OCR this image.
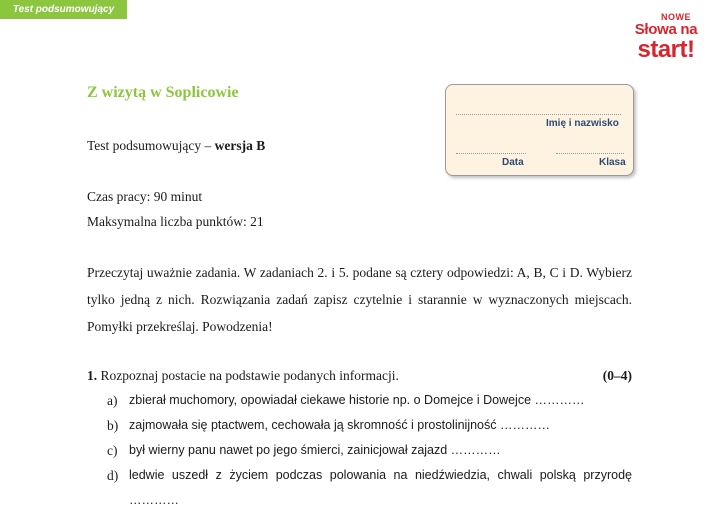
Test podsumowujący
NOWE
Słowa na
start!
Z wizytą w Soplicowie
Imię i nazwisko
Data	Klasa
Test podsumowujący – wersja B
Czas pracy: 90 minut
Maksymalna liczba punktów: 21
Przeczytaj uważnie zadania. W zadaniach 2. i 5. podane są cztery odpowiedzi: A, B, C i D. Wybierz tylko jedną z nich. Rozwiązania zadań zapisz czytelnie i starannie w wyznaczonych miejscach. Pomyłki przekreślaj. Powodzenia!
1. Rozpoznaj postacie na podstawie podanych informacji.	(0–4)
a) zbierał muchomory, opowiadał ciekawe historie np. o Domejce i Dowejce …………
b) zajmowała się ptactwem, cechowała ją skromność i prostolinijność …………
c) był wierny panu nawet po jego śmierci, zainicjował zajazd …………
d) ledwie uszedł z życiem podczas polowania na niedźwiedzia, chwali polską przyrodę …………
